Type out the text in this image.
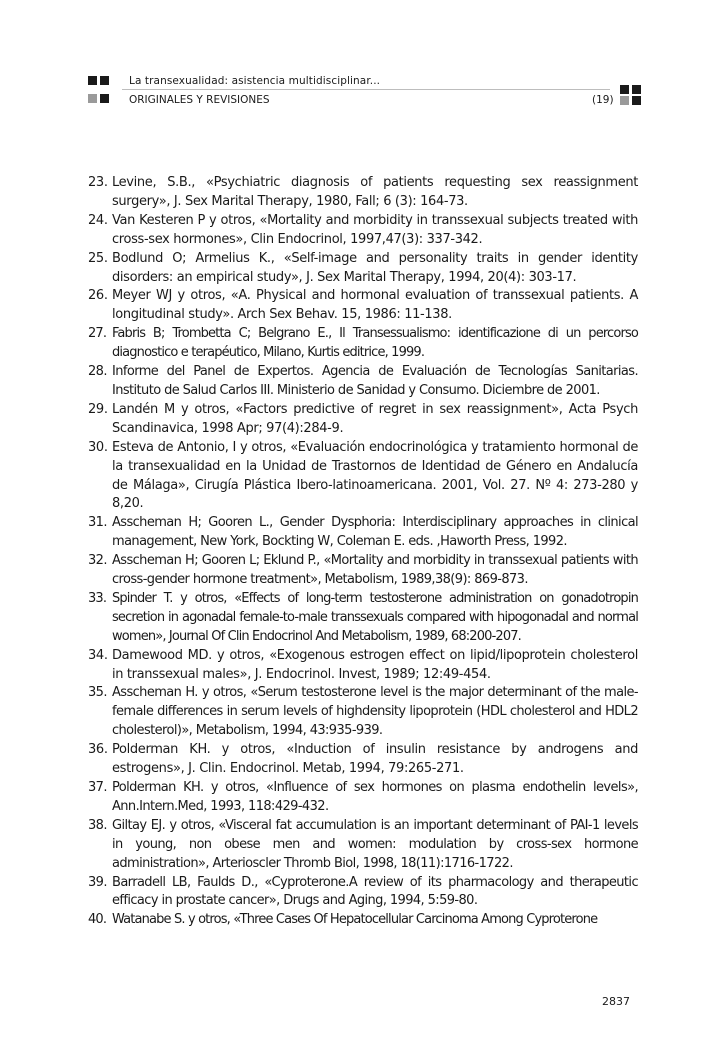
La transexualidad: asistencia multidisciplinar...
ORIGINALES Y REVISIONES	(19)
23. Levine, S.B., «Psychiatric diagnosis of patients requesting sex reassignment surgery», J. Sex Marital Therapy, 1980, Fall; 6 (3): 164-73.
24. Van Kesteren P y otros, «Mortality and morbidity in transsexual subjects treated with cross-sex hormones», Clin Endocrinol, 1997,47(3): 337-342.
25. Bodlund O; Armelius K., «Self-image and personality traits in gender identity disorders: an empirical study», J. Sex Marital Therapy, 1994, 20(4): 303-17.
26. Meyer WJ y otros, «A. Physical and hormonal evaluation of transsexual patients. A longitudinal study». Arch Sex Behav. 15, 1986: 11-138.
27. Fabris B; Trombetta C; Belgrano E., Il Transessualismo: identificazione di un percorso diagnostico e terapéutico, Milano, Kurtis editrice, 1999.
28. Informe del Panel de Expertos. Agencia de Evaluación de Tecnologías Sanitarias. Instituto de Salud Carlos III. Ministerio de Sanidad y Consumo. Diciembre de 2001.
29. Landén M y otros, «Factors predictive of regret in sex reassignment», Acta Psych Scandinavica, 1998 Apr; 97(4):284-9.
30. Esteva de Antonio, I y otros, «Evaluación endocrinológica y tratamiento hormonal de la transexualidad en la Unidad de Trastornos de Identidad de Género en Andalucía de Málaga», Cirugía Plástica Ibero-latinoamericana. 2001, Vol. 27. Nº 4: 273-280 y 8,20.
31. Asscheman H; Gooren L., Gender Dysphoria: Interdisciplinary approaches in clinical management, New York, Bockting W, Coleman E. eds. ,Haworth Press, 1992.
32. Asscheman H; Gooren L; Eklund P., «Mortality and morbidity in transsexual patients with cross-gender hormone treatment», Metabolism, 1989,38(9): 869-873.
33. Spinder T. y otros, «Effects of long-term testosterone administration on gonadotropin secretion in agonadal female-to-male transsexuals compared with hipogonadal and normal women», Journal Of Clin Endocrinol And Metabolism, 1989, 68:200-207.
34. Damewood MD. y otros, «Exogenous estrogen effect on lipid/lipoprotein cholesterol in transsexual males», J. Endocrinol. Invest, 1989; 12:49-454.
35. Asscheman H. y otros, «Serum testosterone level is the major determinant of the male-female differences in serum levels of highdensity lipoprotein (HDL cholesterol and HDL2 cholesterol)», Metabolism, 1994, 43:935-939.
36. Polderman KH. y otros, «Induction of insulin resistance by androgens and estrogens», J. Clin. Endocrinol. Metab, 1994, 79:265-271.
37. Polderman KH. y otros, «Influence of sex hormones on plasma endothelin levels», Ann.Intern.Med, 1993, 118:429-432.
38. Giltay EJ. y otros, «Visceral fat accumulation is an important determinant of PAI-1 levels in young, non obese men and women: modulation by cross-sex hormone administration», Arterioscler Thromb Biol, 1998, 18(11):1716-1722.
39. Barradell LB, Faulds D., «Cyproterone.A review of its pharmacology and therapeutic efficacy in prostate cancer», Drugs and Aging, 1994, 5:59-80.
40. Watanabe S. y otros, «Three Cases Of Hepatocellular Carcinoma Among Cyproterone
2837
